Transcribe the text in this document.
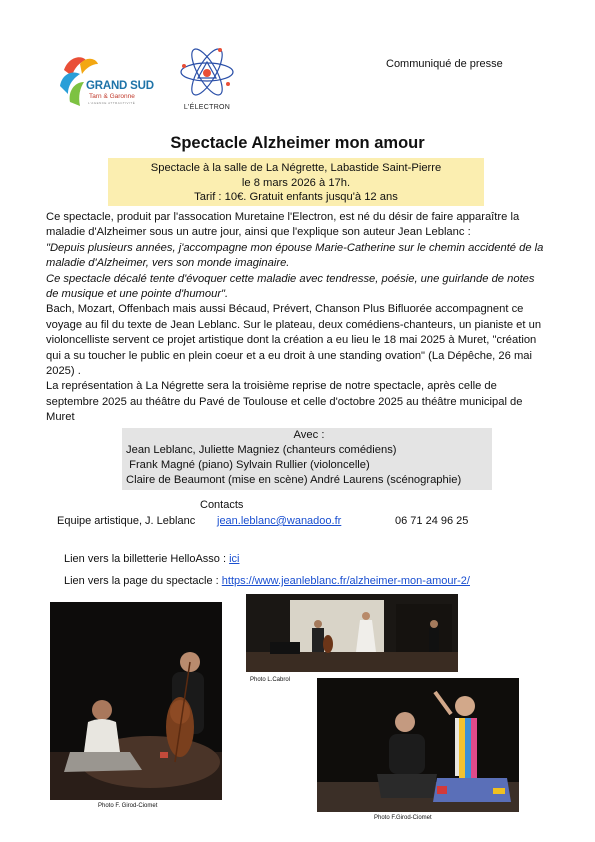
GRAND SUD
Tarn & Garonne
L'AGENCE ATTRACTIVITÉ
L'ÉLECTRON
Communiqué de presse
Spectacle Alzheimer mon amour
Spectacle à la salle de La Négrette, Labastide Saint-Pierre
le 8 mars 2026 à 17h.
Tarif : 10€. Gratuit enfants jusqu'à 12 ans

Ce spectacle, produit par l'assocation Muretaine l'Electron, est né du désir de faire apparaître la maladie d'Alzheimer sous un autre jour, ainsi que l'explique son auteur Jean Leblanc :

"Depuis plusieurs années, j'accompagne mon épouse Marie-Catherine sur le chemin accidenté de la maladie d'Alzheimer, vers son monde imaginaire.

Ce spectacle décalé tente d'évoquer cette maladie avec tendresse, poésie, une guirlande de notes de musique et une pointe d'humour".

Bach, Mozart, Offenbach mais aussi Bécaud, Prévert, Chanson Plus Bifluorée accompagnent ce voyage au fil du texte de Jean Leblanc. Sur le plateau, deux comédiens-chanteurs, un pianiste et un violoncelliste servent ce projet artistique dont la création a eu lieu le 18 mai 2025 à Muret, "création qui a su toucher le public en plein coeur et a eu droit à une standing ovation" (La Dépêche, 26 mai 2025) .

La représentation à La Négrette sera la troisième reprise de notre spectacle, après celle de septembre 2025 au théâtre du Pavé de Toulouse et celle d'octobre 2025 au théâtre municipal de Muret

Avec :
Jean Leblanc, Juliette Magniez (chanteurs comédiens)
Frank Magné (piano) Sylvain Rullier (violoncelle)
Claire de Beaumont (mise en scène) André Laurens (scénographie)
Contacts
Equipe artistique, J. Leblanc jean.leblanc@wanadoo.fr	06 71 24 96 25
Lien vers la billetterie HelloAsso : ici
Lien vers la page du spectacle : https://www.jeanleblanc.fr/alzheimer-mon-amour-2/
Photo F. Girod-Ciomet
Photo L.Cabrol
Photo F.Girod-Ciomet
